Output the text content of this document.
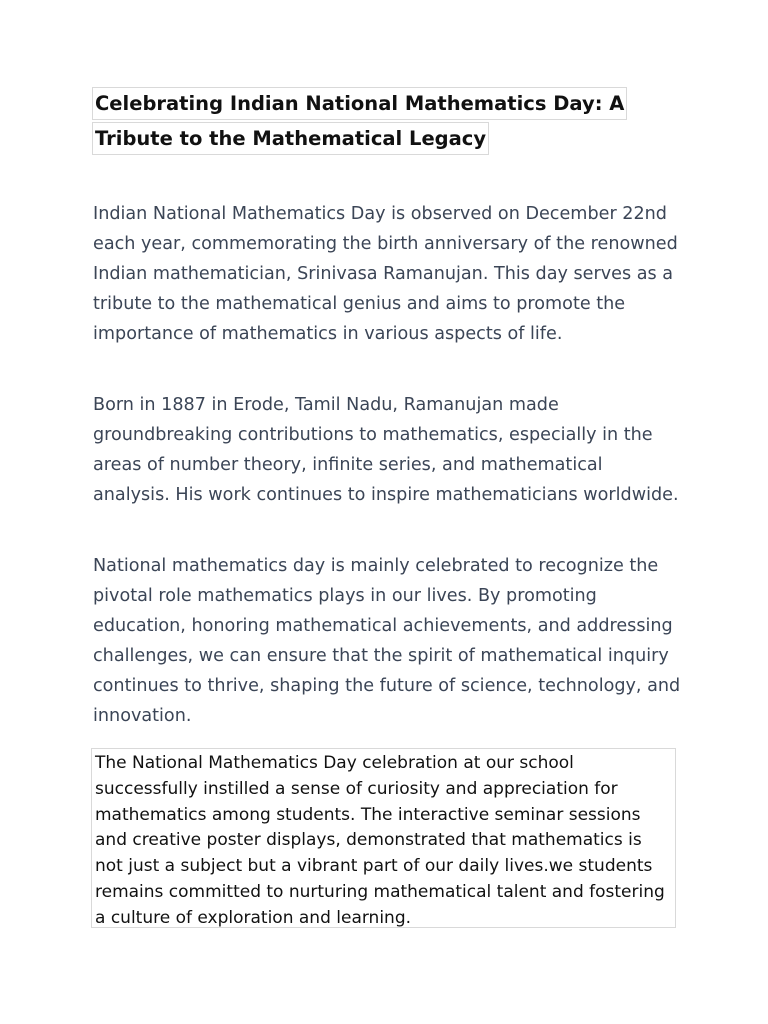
Celebrating Indian National Mathematics Day: A
Tribute to the Mathematical Legacy

Indian National Mathematics Day is observed on December 22nd each year, commemorating the birth anniversary of the renowned Indian mathematician, Srinivasa Ramanujan. This day serves as a tribute to the mathematical genius and aims to promote the importance of mathematics in various aspects of life.

Born in 1887 in Erode, Tamil Nadu, Ramanujan made groundbreaking contributions to mathematics, especially in the areas of number theory, infinite series, and mathematical analysis. His work continues to inspire mathematicians worldwide.

National mathematics day is mainly celebrated to recognize the pivotal role mathematics plays in our lives. By promoting education, honoring mathematical achievements, and addressing challenges, we can ensure that the spirit of mathematical inquiry continues to thrive, shaping the future of science, technology, and innovation.

The National Mathematics Day celebration at our school successfully instilled a sense of curiosity and appreciation for mathematics among students. The interactive seminar sessions and creative poster displays, demonstrated that mathematics is not just a subject but a vibrant part of our daily lives.we students remains committed to nurturing mathematical talent and fostering a culture of exploration and learning.
